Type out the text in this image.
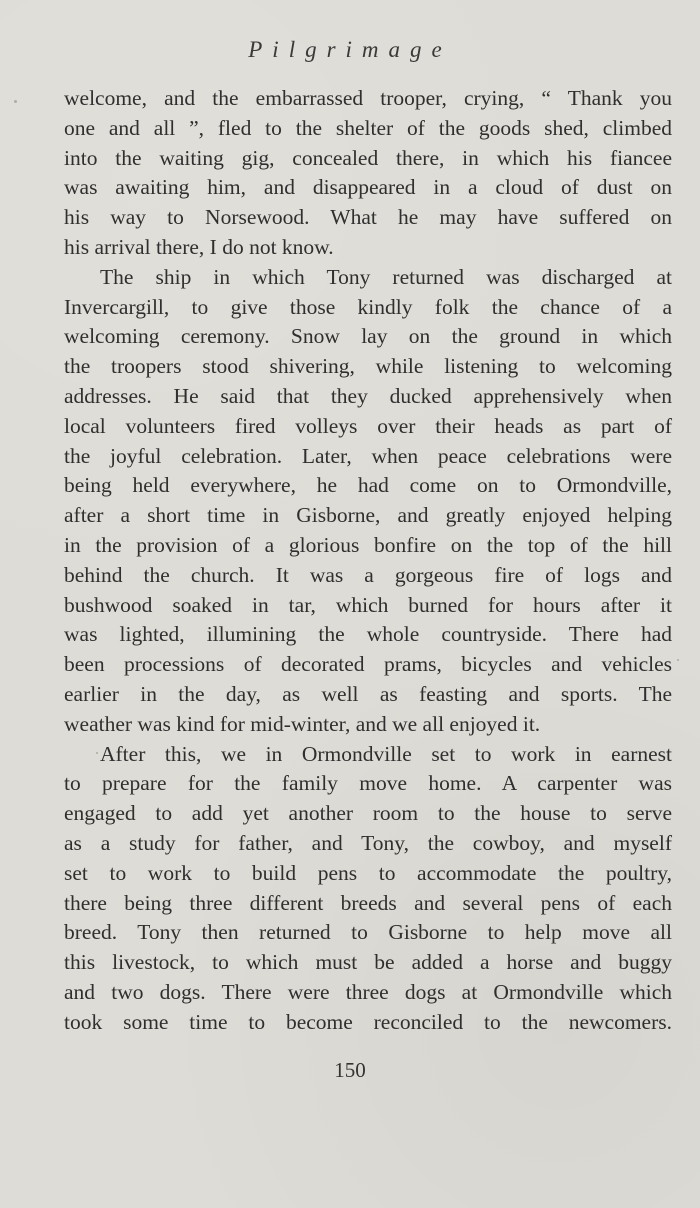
Pilgrimage
welcome, and the embarrassed trooper, crying, “ Thank you
one and all ”, fled to the shelter of the goods shed, climbed
into the waiting gig, concealed there, in which his fiancee
was awaiting him, and disappeared in a cloud of dust on
his way to Norsewood. What he may have suffered on
his arrival there, I do not know.
The ship in which Tony returned was discharged at
Invercargill, to give those kindly folk the chance of a
welcoming ceremony. Snow lay on the ground in which
the troopers stood shivering, while listening to welcoming
addresses. He said that they ducked apprehensively when
local volunteers fired volleys over their heads as part of
the joyful celebration. Later, when peace celebrations were
being held everywhere, he had come on to Ormondville,
after a short time in Gisborne, and greatly enjoyed helping
in the provision of a glorious bonfire on the top of the hill
behind the church. It was a gorgeous fire of logs and
bushwood soaked in tar, which burned for hours after it
was lighted, illumining the whole countryside. There had
been processions of decorated prams, bicycles and vehicles
earlier in the day, as well as feasting and sports. The
weather was kind for mid-winter, and we all enjoyed it.
After this, we in Ormondville set to work in earnest
to prepare for the family move home. A carpenter was
engaged to add yet another room to the house to serve
as a study for father, and Tony, the cowboy, and myself
set to work to build pens to accommodate the poultry,
there being three different breeds and several pens of each
breed. Tony then returned to Gisborne to help move all
this livestock, to which must be added a horse and buggy
and two dogs. There were three dogs at Ormondville which
took some time to become reconciled to the newcomers.
150
